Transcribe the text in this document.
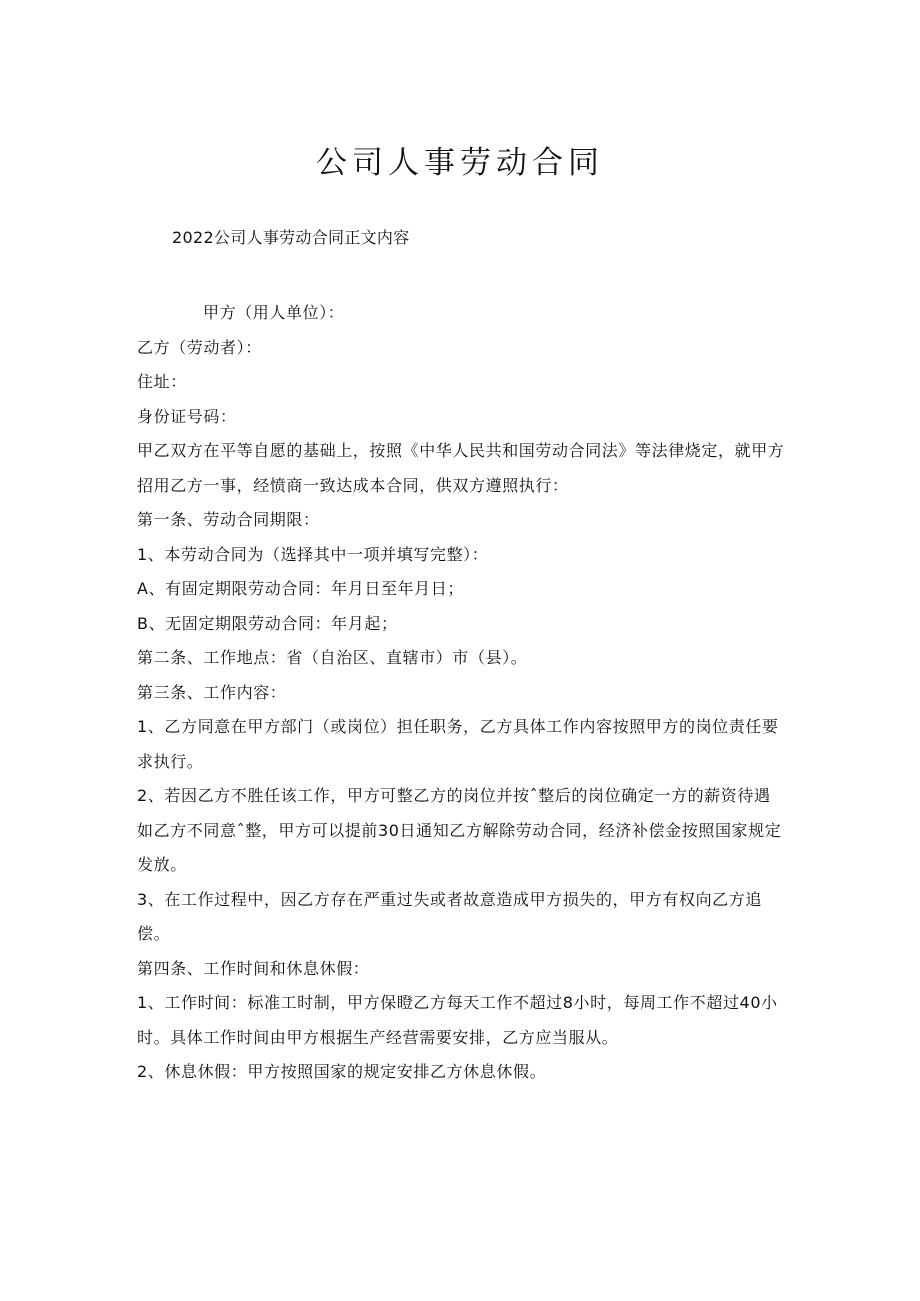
公司人事劳动合同

2022公司人事劳动合同正文内容

甲方（用人单位）：

乙方（劳动者）：

住址：

身份证号码：

甲乙双方在平等自愿的基础上，按照《中华人民共和国劳动合同法》等法律烧定，就甲方招用乙方一事，经愤商一致达成本合同，供双方遵照执行：

第一条、劳动合同期限：

1、本劳动合同为（选择其中一项并填写完整）：

A、有固定期限劳动合同：年月日至年月日；

B、无固定期限劳动合同：年月起；

第二条、工作地点：省（自治区、直辖市）市（县）。

第三条、工作内容：

1、乙方同意在甲方部门（或岗位）担任职务，乙方具体工作内容按照甲方的岗位责任要求执行。

2、若因乙方不胜任该工作，甲方可整乙方的岗位并按ˆ整后的岗位确定一方的薪资待遇如乙方不同意ˆ整，甲方可以提前30日通知乙方解除劳动合同，经济补偿金按照国家规定发放。

3、在工作过程中，因乙方存在严重过失或者故意造成甲方损失的，甲方有权向乙方追偿。

第四条、工作时间和休息休假：

1、工作时间：标准工时制，甲方保瞪乙方每天工作不超过8小时，每周工作不超过40小时。具体工作时间由甲方根据生产经营需要安排，乙方应当服从。

2、休息休假：甲方按照国家的规定安排乙方休息休假。
